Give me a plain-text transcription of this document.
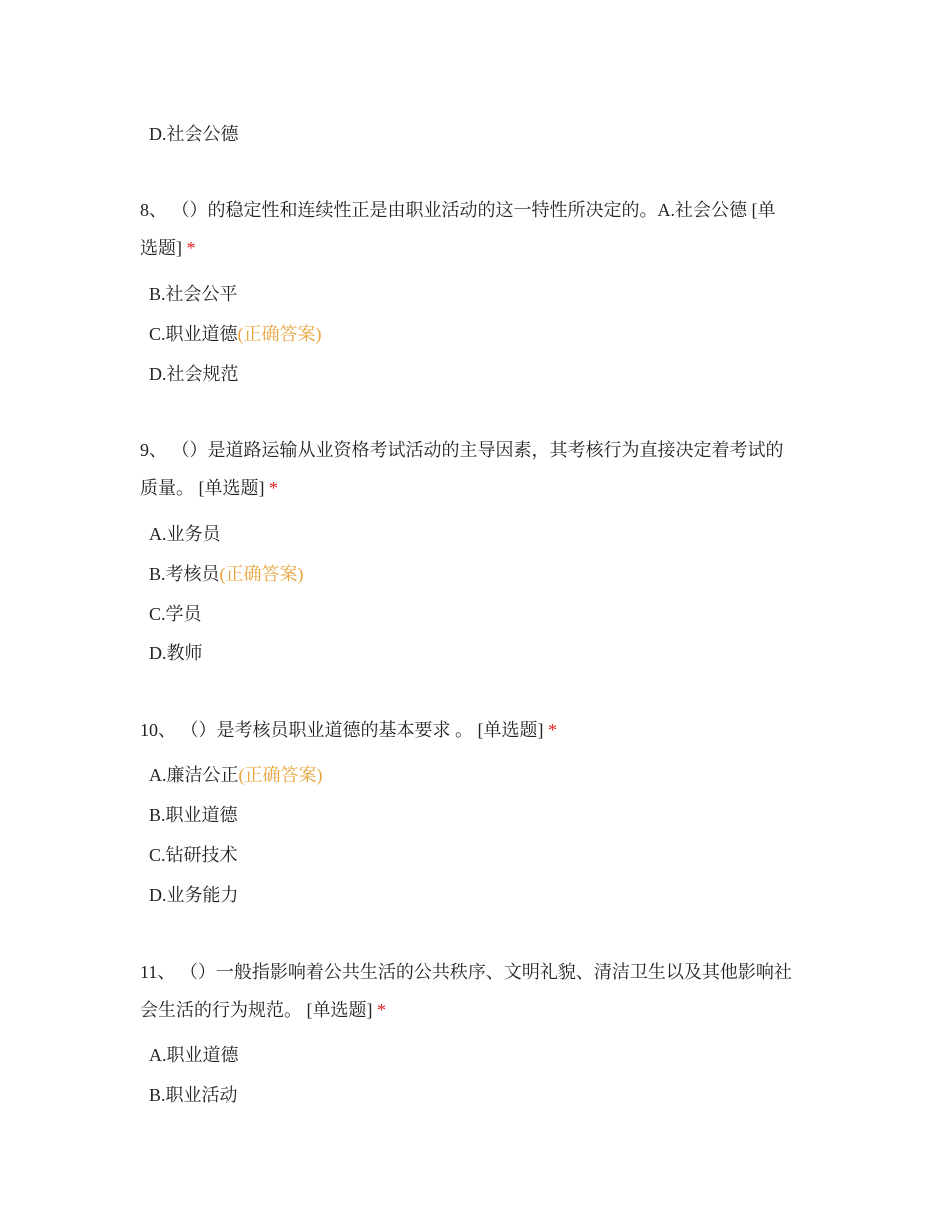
D.社会公德
8、 （）的稳定性和连续性正是由职业活动的这一特性所决定的。A.社会公德 [单
选题] *
B.社会公平
C.职业道德(正确答案)
D.社会规范
9、 （）是道路运输从业资格考试活动的主导因素，其考核行为直接决定着考试的
质量。 [单选题] *
A.业务员
B.考核员(正确答案)
C.学员
D.教师
10、 （）是考核员职业道德的基本要求 。 [单选题] *
A.廉洁公正(正确答案)
B.职业道德
C.钻研技术
D.业务能力
11、 （）一般指影响着公共生活的公共秩序、文明礼貌、清洁卫生以及其他影响社
会生活的行为规范。 [单选题] *
A.职业道德
B.职业活动
